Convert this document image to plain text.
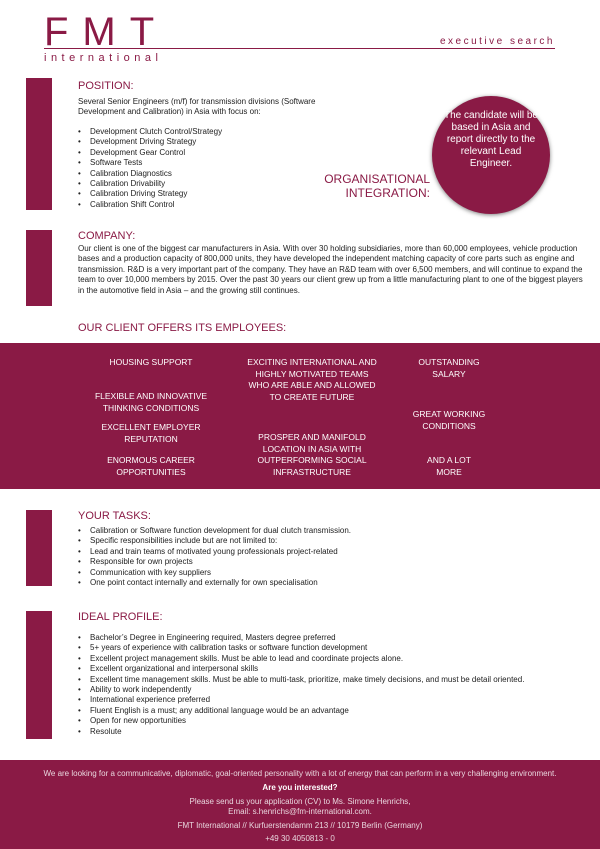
FMT
international
executive search
POSITION:
Several Senior Engineers (m/f) for transmission divisions (Software Development and Calibration) in Asia with focus on:
• Development Clutch Control/Strategy
• Development Driving Strategy
• Development Gear Control
• Software Tests
• Calibration Diagnostics
• Calibration Drivability
• Calibration Driving Strategy
• Calibration Shift Control
The candidate will be based in Asia and report directly to the relevant Lead Engineer.
ORGANISATIONAL
INTEGRATION:
COMPANY:
Our client is one of the biggest car manufacturers in Asia. With over 30 holding subsidiaries, more than 60,000 employees, vehicle production bases and a production capacity of 800,000 units, they have developed the independent matching capacity of core parts such as engine and transmission. R&D is a very important part of the company. They have an R&D team with over 6,500 members, and will continue to expand the team to over 10,000 members by 2015. Over the past 30 years our client grew up from a little manufacturing plant to one of the biggest players in the automotive field in Asia – and the growing still continues.
OUR CLIENT OFFERS ITS EMPLOYEES:
HOUSING SUPPORT
FLEXIBLE AND INNOVATIVE THINKING CONDITIONS
EXCELLENT EMPLOYER REPUTATION
ENORMOUS CAREER OPPORTUNITIES
EXCITING INTERNATIONAL AND HIGHLY MOTIVATED TEAMS WHO ARE ABLE AND ALLOWED TO CREATE FUTURE
PROSPER AND MANIFOLD LOCATION IN ASIA WITH OUTPERFORMING SOCIAL INFRASTRUCTURE
OUTSTANDING SALARY
GREAT WORKING CONDITIONS
AND A LOT MORE
YOUR TASKS:
• Calibration or Software function development for dual clutch transmission.
• Specific responsibilities include but are not limited to:
• Lead and train teams of motivated young professionals project-related
• Responsible for own projects
• Communication with key suppliers
• One point contact internally and externally for own specialisation
IDEAL PROFILE:
• Bachelor’s Degree in Engineering required, Masters degree preferred
• 5+ years of experience with calibration tasks or software function development
• Excellent project management skills. Must be able to lead and coordinate projects alone.
• Excellent organizational and interpersonal skills
• Excellent time management skills. Must be able to multi-task, prioritize, make timely decisions, and must be detail oriented.
• Ability to work independently
• International experience preferred
• Fluent English is a must; any additional language would be an advantage
• Open for new opportunities
• Resolute
We are looking for a communicative, diplomatic, goal-oriented personality with a lot of energy that can perform in a very challenging environment.
Are you interested?
Please send us your application (CV) to Ms. Simone Henrichs,
Email: s.henrichs@fm-international.com.
FMT International // Kurfuerstendamm 213 // 10179 Berlin (Germany)
+49 30 4050813 - 0
